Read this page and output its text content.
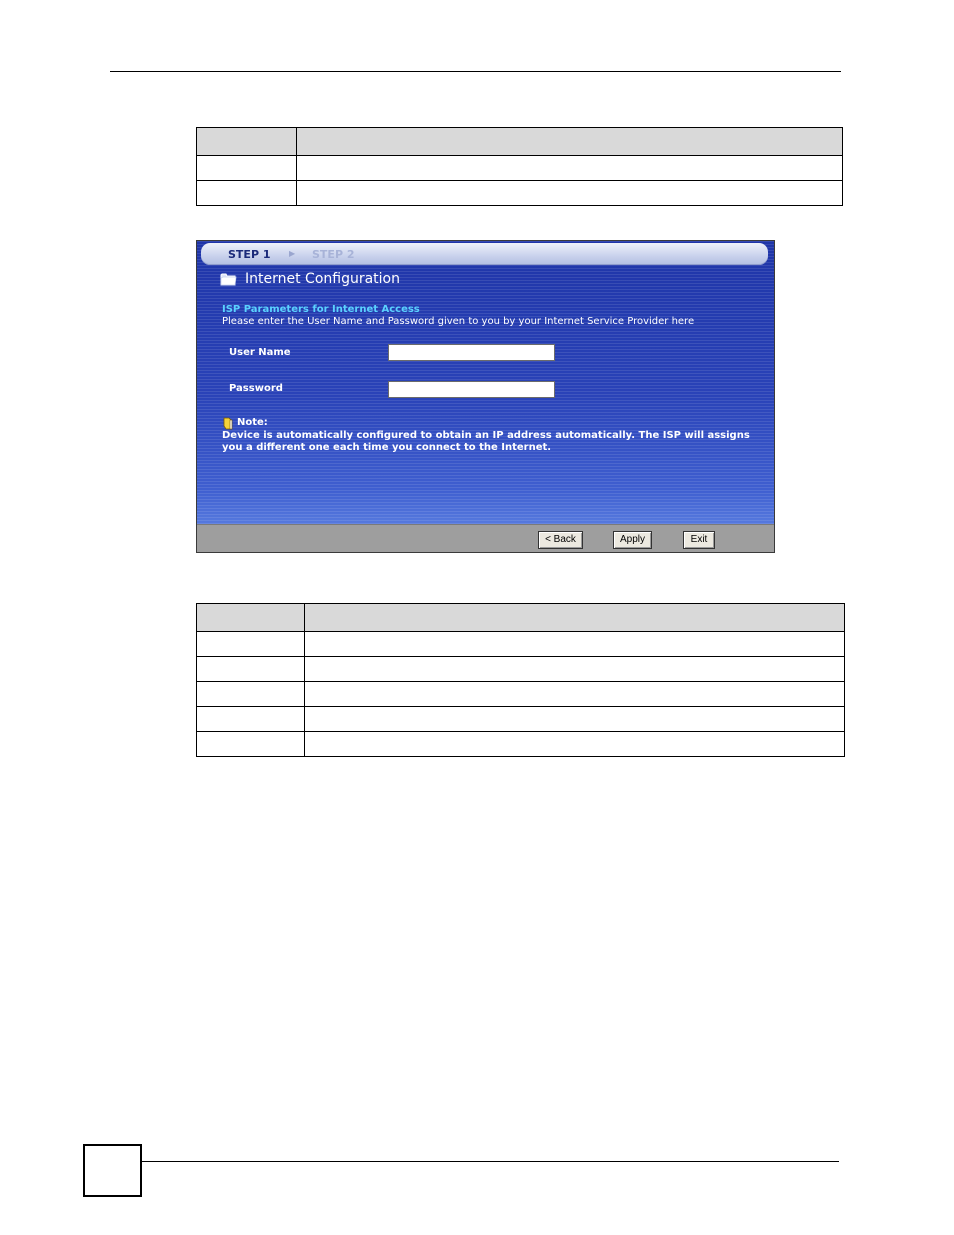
STEP 1 ▶ STEP 2
Internet Configuration
ISP Parameters for Internet Access
Please enter the User Name and Password given to you by your Internet Service Provider here
User Name
Password
Note:
Device is automatically configured to obtain an IP address automatically. The ISP will assigns you a different one each time you connect to the Internet.
< Back	Apply	Exit
